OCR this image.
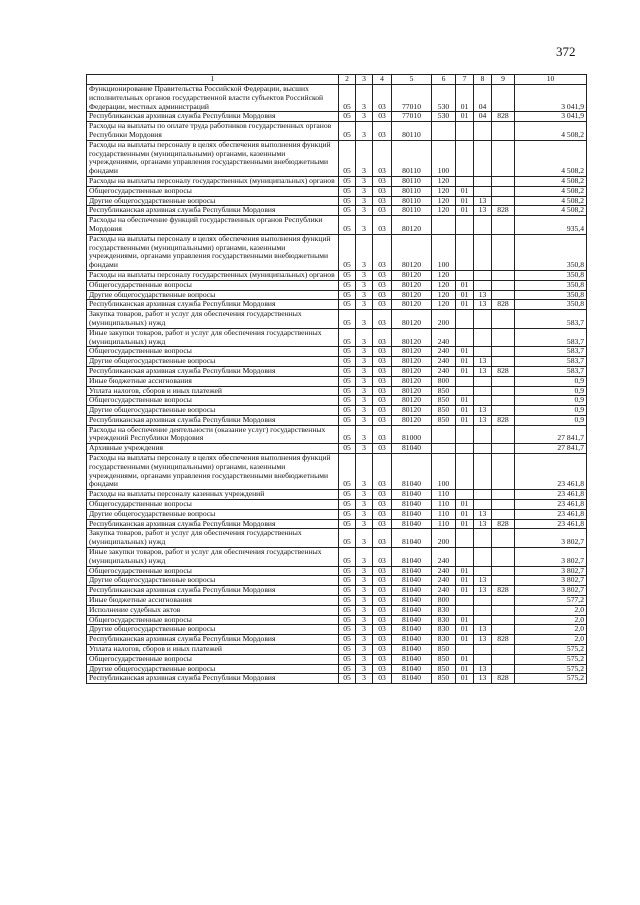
372
1	2	3	4	5	6	7	8	9	10
Функционирование Правительства Российской Федерации, высших исполнительных органов государственной власти субъектов Российской Федерации, местных администраций	05	3	03	77010	530	01	04		3 041,9
Республиканская архивная служба Республики Мордовия	05	3	03	77010	530	01	04	828	3 041,9
Расходы на выплаты по оплате труда работников государственных органов Республики Мордовия	05	3	03	80110					4 508,2
Расходы на выплаты персоналу в целях обеспечения выполнения функций государственными (муниципальными) органами, казенными учреждениями, органами управления государственными внебюджетными фондами	05	3	03	80110	100				4 508,2
Расходы на выплаты персоналу государственных (муниципальных) органов	05	3	03	80110	120				4 508,2
Общегосударственные вопросы	05	3	03	80110	120	01			4 508,2
Другие общегосударственные вопросы	05	3	03	80110	120	01	13		4 508,2
Республиканская архивная служба Республики Мордовия	05	3	03	80110	120	01	13	828	4 508,2
Расходы на обеспечение функций государственных органов Республики Мордовия	05	3	03	80120					935,4
Расходы на выплаты персоналу в целях обеспечения выполнения функций государственными (муниципальными) органами, казенными учреждениями, органами управления государственными внебюджетными фондами	05	3	03	80120	100				350,8
Расходы на выплаты персоналу государственных (муниципальных) органов	05	3	03	80120	120				350,8
Общегосударственные вопросы	05	3	03	80120	120	01			350,8
Другие общегосударственные вопросы	05	3	03	80120	120	01	13		350,8
Республиканская архивная служба Республики Мордовия	05	3	03	80120	120	01	13	828	350,8
Закупка товаров, работ и услуг для обеспечения государственных (муниципальных) нужд	05	3	03	80120	200				583,7
Иные закупки товаров, работ и услуг для обеспечения государственных (муниципальных) нужд	05	3	03	80120	240				583,7
Общегосударственные вопросы	05	3	03	80120	240	01			583,7
Другие общегосударственные вопросы	05	3	03	80120	240	01	13		583,7
Республиканская архивная служба Республики Мордовия	05	3	03	80120	240	01	13	828	583,7
Иные бюджетные ассигнования	05	3	03	80120	800				0,9
Уплата налогов, сборов и иных платежей	05	3	03	80120	850				0,9
Общегосударственные вопросы	05	3	03	80120	850	01			0,9
Другие общегосударственные вопросы	05	3	03	80120	850	01	13		0,9
Республиканская архивная служба Республики Мордовия	05	3	03	80120	850	01	13	828	0,9
Расходы на обеспечение деятельности (оказание услуг) государственных учреждений Республики Мордовия	05	3	03	81000					27 841,7
Архивные учреждения	05	3	03	81040					27 841,7
Расходы на выплаты персоналу в целях обеспечения выполнения функций государственными (муниципальными) органами, казенными учреждениями, органами управления государственными внебюджетными фондами	05	3	03	81040	100				23 461,8
Расходы на выплаты персоналу казенных учреждений	05	3	03	81040	110				23 461,8
Общегосударственные вопросы	05	3	03	81040	110	01			23 461,8
Другие общегосударственные вопросы	05	3	03	81040	110	01	13		23 461,8
Республиканская архивная служба Республики Мордовия	05	3	03	81040	110	01	13	828	23 461,8
Закупка товаров, работ и услуг для обеспечения государственных (муниципальных) нужд	05	3	03	81040	200				3 802,7
Иные закупки товаров, работ и услуг для обеспечения государственных (муниципальных) нужд	05	3	03	81040	240				3 802,7
Общегосударственные вопросы	05	3	03	81040	240	01			3 802,7
Другие общегосударственные вопросы	05	3	03	81040	240	01	13		3 802,7
Республиканская архивная служба Республики Мордовия	05	3	03	81040	240	01	13	828	3 802,7
Иные бюджетные ассигнования	05	3	03	81040	800				577,2
Исполнение судебных актов	05	3	03	81040	830				2,0
Общегосударственные вопросы	05	3	03	81040	830	01			2,0
Другие общегосударственные вопросы	05	3	03	81040	830	01	13		2,0
Республиканская архивная служба Республики Мордовия	05	3	03	81040	830	01	13	828	2,0
Уплата налогов, сборов и иных платежей	05	3	03	81040	850				575,2
Общегосударственные вопросы	05	3	03	81040	850	01			575,2
Другие общегосударственные вопросы	05	3	03	81040	850	01	13		575,2
Республиканская архивная служба Республики Мордовия	05	3	03	81040	850	01	13	828	575,2
